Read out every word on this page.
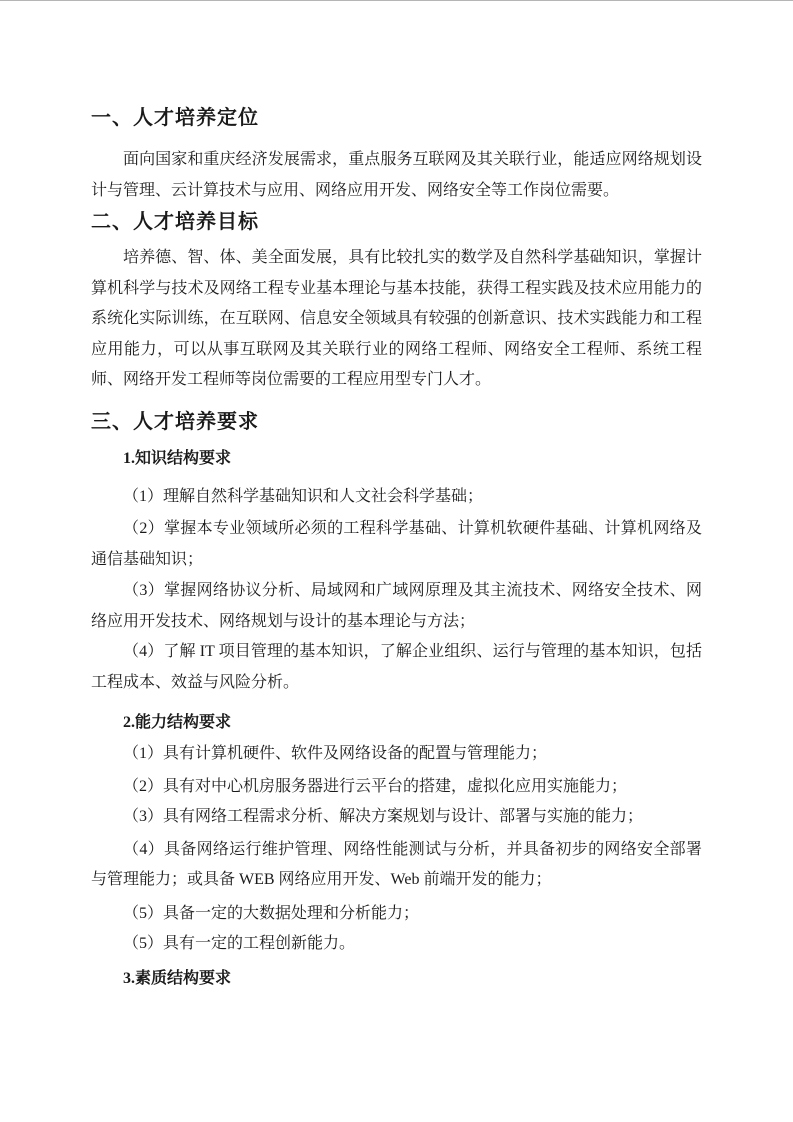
一、人才培养定位

面向国家和重庆经济发展需求，重点服务互联网及其关联行业，能适应网络规划设计与管理、云计算技术与应用、网络应用开发、网络安全等工作岗位需要。

二、人才培养目标

培养德、智、体、美全面发展，具有比较扎实的数学及自然科学基础知识，掌握计算机科学与技术及网络工程专业基本理论与基本技能，获得工程实践及技术应用能力的系统化实际训练，在互联网、信息安全领域具有较强的创新意识、技术实践能力和工程应用能力，可以从事互联网及其关联行业的网络工程师、网络安全工程师、系统工程师、网络开发工程师等岗位需要的工程应用型专门人才。

三、人才培养要求
1.知识结构要求

（1）理解自然科学基础知识和人文社会科学基础；

（2）掌握本专业领域所必须的工程科学基础、计算机软硬件基础、计算机网络及通信基础知识；

（3）掌握网络协议分析、局域网和广域网原理及其主流技术、网络安全技术、网络应用开发技术、网络规划与设计的基本理论与方法；

（4）了解 IT 项目管理的基本知识，了解企业组织、运行与管理的基本知识，包括工程成本、效益与风险分析。

2.能力结构要求

（1）具有计算机硬件、软件及网络设备的配置与管理能力；

（2）具有对中心机房服务器进行云平台的搭建，虚拟化应用实施能力；

（3）具有网络工程需求分析、解决方案规划与设计、部署与实施的能力；

（4）具备网络运行维护管理、网络性能测试与分析，并具备初步的网络安全部署与管理能力；或具备 WEB 网络应用开发、Web 前端开发的能力；

（5）具备一定的大数据处理和分析能力；

（5）具有一定的工程创新能力。

3.素质结构要求
